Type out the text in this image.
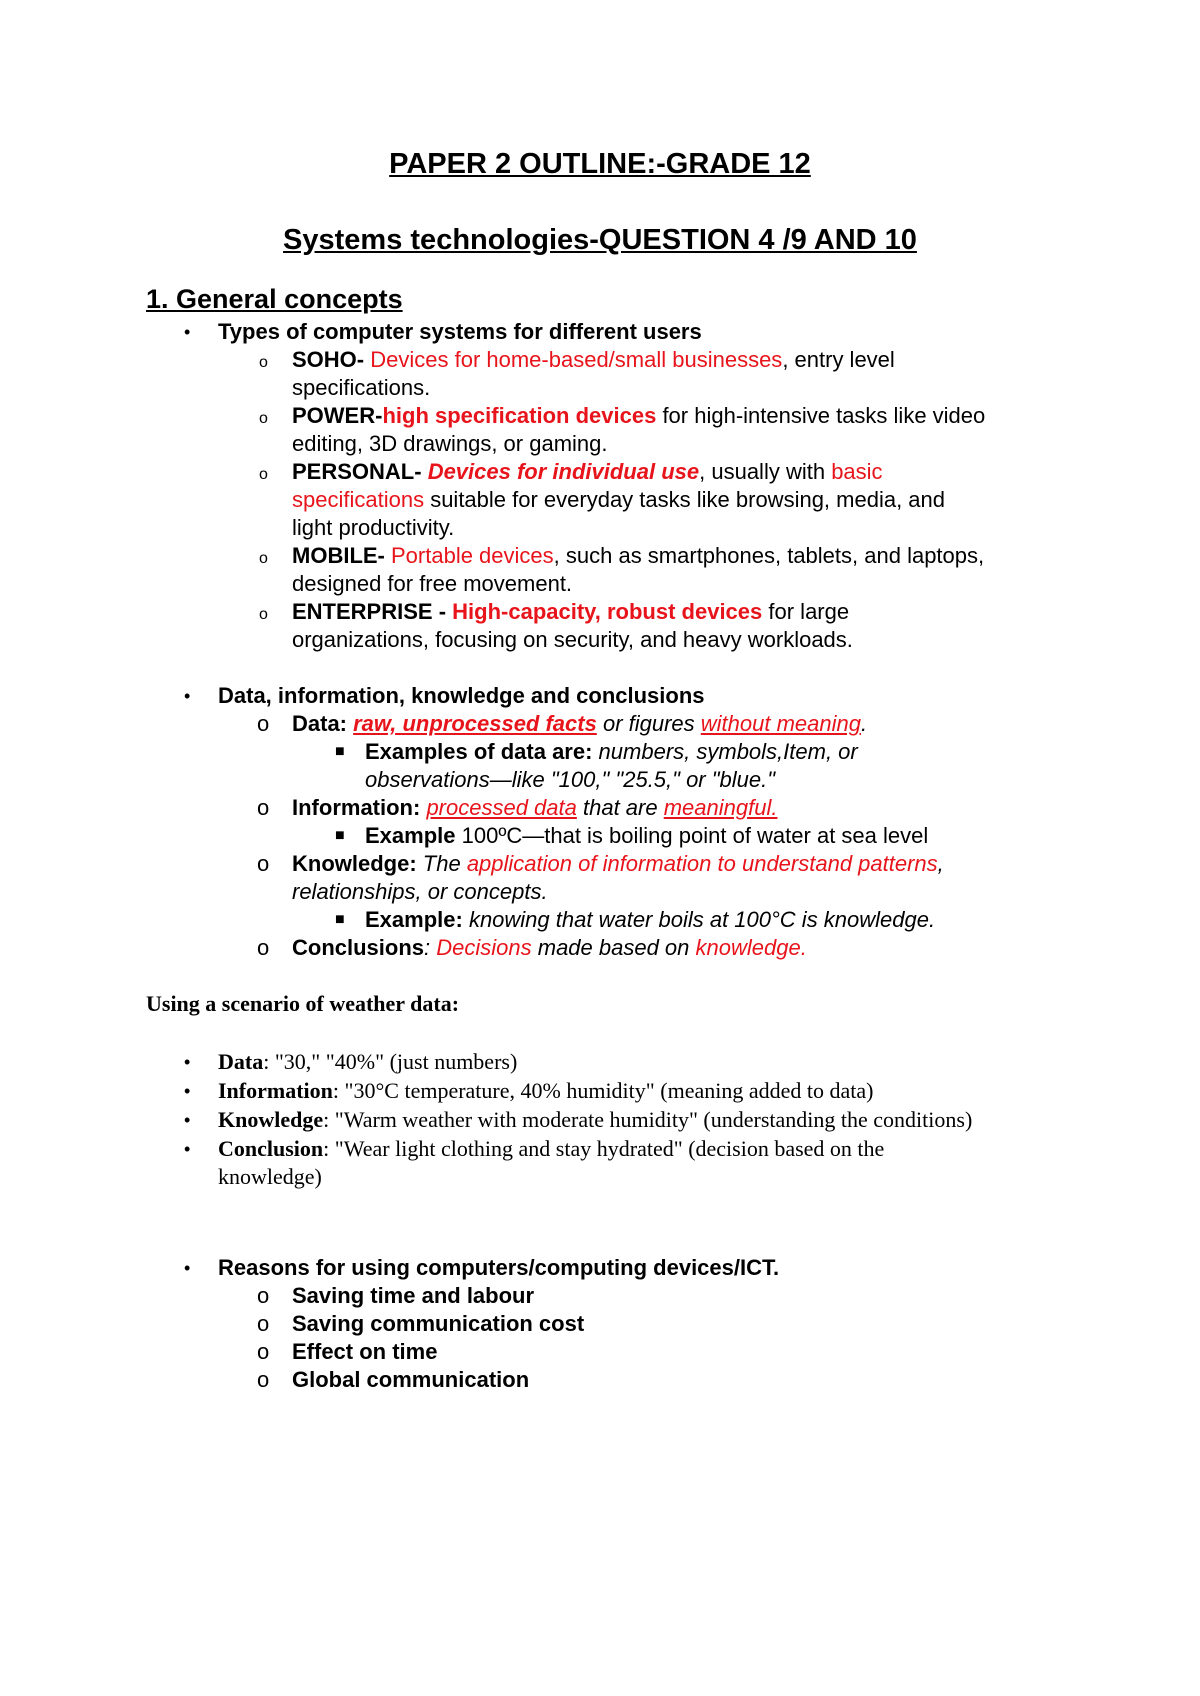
PAPER 2 OUTLINE:-GRADE 12
Systems technologies-QUESTION 4 /9 AND 10
1. General concepts
• Types of computer systems for different users
o SOHO- Devices for home-based/small businesses, entry level
specifications.
o POWER-high specification devices for high-intensive tasks like video
editing, 3D drawings, or gaming.
o PERSONAL- Devices for individual use, usually with basic
specifications suitable for everyday tasks like browsing, media, and
light productivity.
o MOBILE- Portable devices, such as smartphones, tablets, and laptops,
designed for free movement.
o ENTERPRISE - High-capacity, robust devices for large
organizations, focusing on security, and heavy workloads.
• Data, information, knowledge and conclusions
o Data: raw, unprocessed facts or figures without meaning.
■ Examples of data are: numbers, symbols,Item, or
observations—like "100," "25.5," or "blue."
o Information: processed data that are meaningful.
■ Example 100ºC—that is boiling point of water at sea level
o Knowledge: The application of information to understand patterns,
relationships, or concepts.
■ Example: knowing that water boils at 100°C is knowledge.
o Conclusions: Decisions made based on knowledge.
Using a scenario of weather data:
• Data: "30," "40%" (just numbers)
• Information: "30°C temperature, 40% humidity" (meaning added to data)
• Knowledge: "Warm weather with moderate humidity" (understanding the conditions)
• Conclusion: "Wear light clothing and stay hydrated" (decision based on the
knowledge)
• Reasons for using computers/computing devices/ICT.
o Saving time and labour
o Saving communication cost
o Effect on time
o Global communication
